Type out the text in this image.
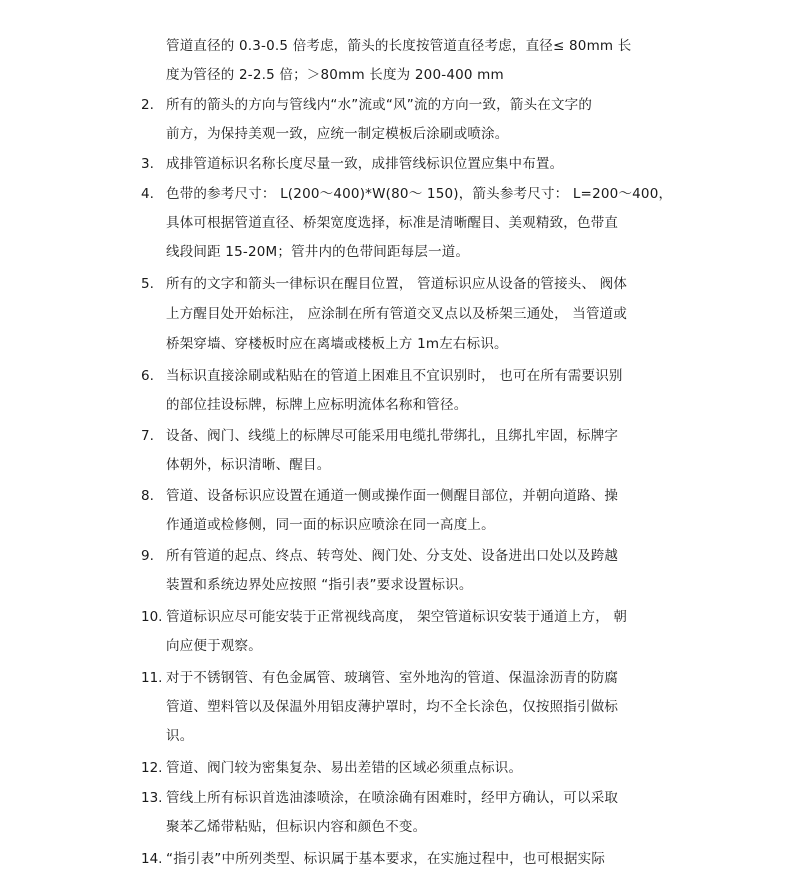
管道直径的 0.3-0.5 倍考虑，箭头的长度按管道直径考虑，直径≤ 80mm 长
度为管径的 2-2.5 倍；＞80mm 长度为 200-400 mm
2. 所有的箭头的方向与管线内“水”流或“风”流的方向一致，箭头在文字的
前方，为保持美观一致，应统一制定模板后涂刷或喷涂。
3. 成排管道标识名称长度尽量一致，成排管线标识位置应集中布置。
4. 色带的参考尺寸： L(200～400)*W(80～ 150)，箭头参考尺寸： L=200～400，
具体可根据管道直径、桥架宽度选择，标准是清晰醒目、美观精致，色带直
线段间距 15-20M；管井内的色带间距每层一道。
5. 所有的文字和箭头一律标识在醒目位置， 管道标识应从设备的管接头、 阀体
上方醒目处开始标注， 应涂制在所有管道交叉点以及桥架三通处， 当管道或
桥架穿墙、穿楼板时应在离墙或楼板上方 1m左右标识。
6. 当标识直接涂刷或粘贴在的管道上困难且不宜识别时， 也可在所有需要识别
的部位挂设标牌，标牌上应标明流体名称和管径。
7. 设备、阀门、线缆上的标牌尽可能采用电缆扎带绑扎，且绑扎牢固，标牌字
体朝外，标识清晰、醒目。
8. 管道、设备标识应设置在通道一侧或操作面一侧醒目部位，并朝向道路、操
作通道或检修侧，同一面的标识应喷涂在同一高度上。
9. 所有管道的起点、终点、转弯处、阀门处、分支处、设备进出口处以及跨越
装置和系统边界处应按照 “指引表”要求设置标识。
10. 管道标识应尽可能安装于正常视线高度， 架空管道标识安装于通道上方， 朝
向应便于观察。
11. 对于不锈钢管、有色金属管、玻璃管、室外地沟的管道、保温涂沥青的防腐
管道、塑料管以及保温外用铝皮薄护罩时，均不全长涂色，仅按照指引做标
识。
12. 管道、阀门较为密集复杂、易出差错的区域必须重点标识。
13. 管线上所有标识首选油漆喷涂，在喷涂确有困难时，经甲方确认，可以采取
聚苯乙烯带粘贴，但标识内容和颜色不变。
14. “指引表”中所列类型、标识属于基本要求，在实施过程中，也可根据实际
